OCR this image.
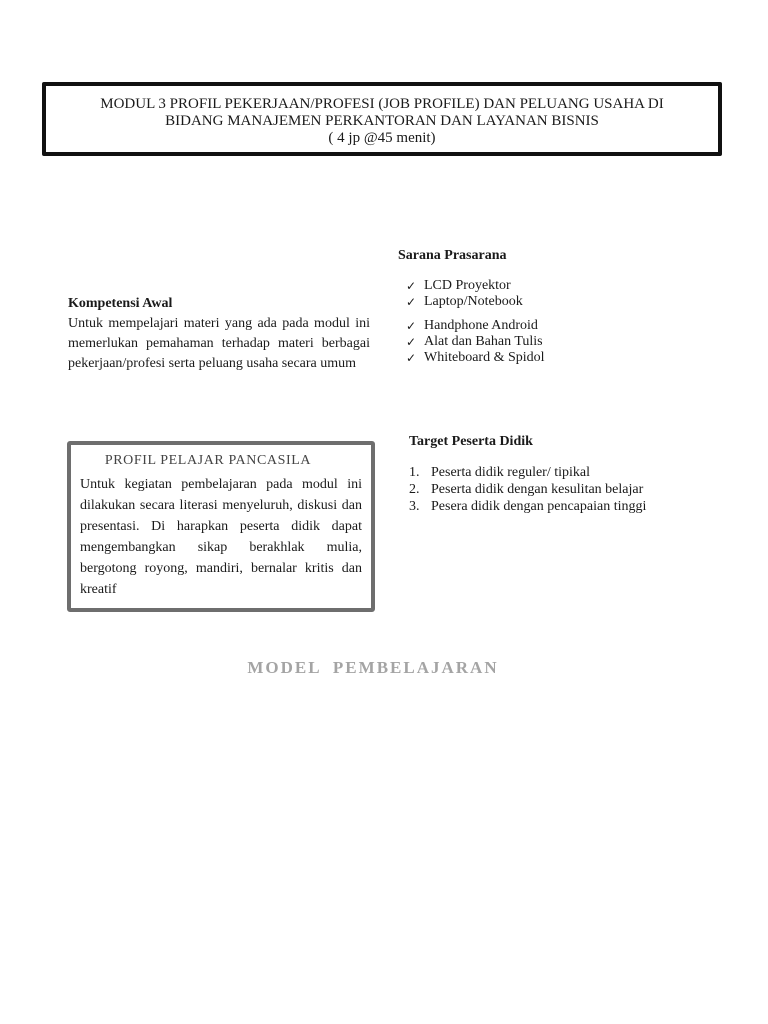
MODUL 3 PROFIL PEKERJAAN/PROFESI (JOB PROFILE) DAN PELUANG USAHA DI
BIDANG MANAJEMEN PERKANTORAN DAN LAYANAN BISNIS
( 4 jp @45 menit)
Kompetensi Awal

Untuk mempelajari materi yang ada pada modul ini memerlukan pemahaman terhadap materi berbagai pekerjaan/profesi serta peluang usaha secara umum

Sarana Prasarana
✓ LCD Proyektor
✓ Laptop/Notebook
✓ Handphone Android
✓ Alat dan Bahan Tulis
✓ Whiteboard & Spidol
PROFIL PELAJAR PANCASILA

Untuk kegiatan pembelajaran pada modul ini dilakukan secara literasi menyeluruh, diskusi dan presentasi. Di harapkan peserta didik dapat mengembangkan sikap berakhlak mulia, bergotong royong, mandiri, bernalar kritis dan kreatif

Target Peserta Didik
1. Peserta didik reguler/ tipikal
2. Peserta didik dengan kesulitan belajar
3. Pesera didik dengan pencapaian tinggi
MODEL PEMBELAJARAN
